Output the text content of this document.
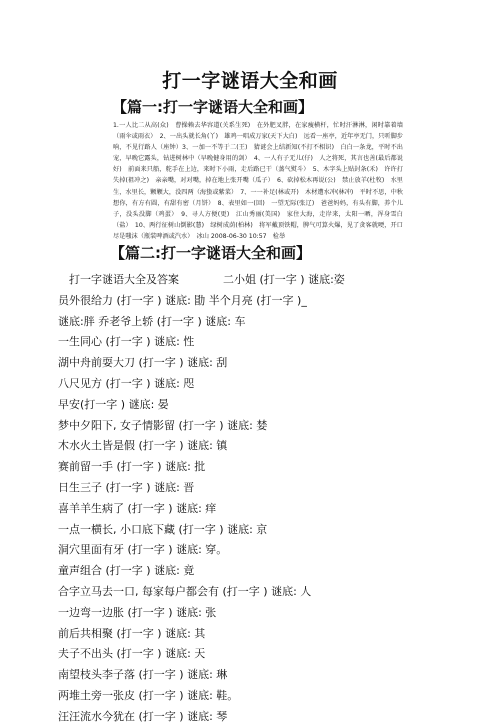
打一字谜语大全和画
【篇一:打一字谜语大全和画】
1.一人比二从高(众)　曹操赖去华容道(关系生死)　在外肥叉胖，在家瘦横杆，忙时汗淋淋，闲时靠着墙（雨伞或雨衣）　2、一出头就长角(丫)　雄鸡一唱成万家(天下大白)　远看一座亭，近年亭无门，只听脚步响，不见行路人（座钟）3、一加一不等于二(王)　猜谜会上结新知(不打不相识)　白白一条龙，平时不出宠，早晚它露头，钻进树林中（早晚健身用的剑）　4、一人有子无儿(仔)　人之将死，其言也善(最后都说好)　前面来只船，舵手在上边，来时下小雨，走后路已干（蒸气熨斗）　5、木字头上贴封条(禾)　许许打失掉(祖冲之)　亲亲嘴，对对嘴，掉在地上张开嘴（瓜子）　6、砍掉松木再说(公)　禁止放羊(杜牧)　水里生，水里长，颗颗大，没四两（海蛰或紫菜）　7、一一补足(林或开)　木材遭水冲(林冲)　平时不思，中秋想你，有方有圆，有甜有密（月饼）　8、表里如一(回)　一望无际(张辽)　爸爸妈妈，有头有脚，养个儿子，没头没脚（鸡蛋）　9、寻人方便(更)　江山秀丽(美国)　家住大海，走岸来，太阳一晒，浑身雪白（盐）　10、两行征树山倒影(慧)　绿树成荫(柏林)　将军戴顶铁帽，脾气可算火爆，见了贪客就哽，开口尽是嗤沫（瓶装啤酒或汽水）　冰山 2008-06-30 10:57　检举
【篇二:打一字谜语大全和画】
　打一字谜语大全及答案　　　　二小姐 (打一字 ) 谜底:姿
员外很给力 (打一字 ) 谜底: 勖 半个月亮 (打一字 )_
谜底:胖 乔老爷上轿 (打一字 ) 谜底: 车
一生同心 (打一字 ) 谜底: 性
湖中舟前耍大刀 (打一字 ) 谜底: 刮
八尺见方 (打一字 ) 谜底: 咫
早安(打一字 ) 谜底: 晏
梦中夕阳下, 女子情影留 (打一字 ) 谜底: 婪
木水火土皆是假 (打一字 ) 谜底: 镇
赛前留一手 (打一字 ) 谜底: 批
日生三子 (打一字 ) 谜底: 晋
喜羊羊生病了 (打一字 ) 谜底: 痒
一点一横长, 小口底下藏 (打一字 ) 谜底: 京
洞穴里面有牙 (打一字 ) 谜底: 穿。
童声组合 (打一字 ) 谜底: 竟
合字立马去一口, 每家每户都会有 (打一字 ) 谜底: 人
一边弯一边胀 (打一字 ) 谜底: 张
前后共相聚 (打一字 ) 谜底: 其
夫子不出头 (打一字 ) 谜底: 天
南望枝头李子落 (打一字 ) 谜底: 琳
两堆土旁一张皮 (打一字 ) 谜底: 鞋。
汪汪流水今犹在 (打一字 ) 谜底: 琴
